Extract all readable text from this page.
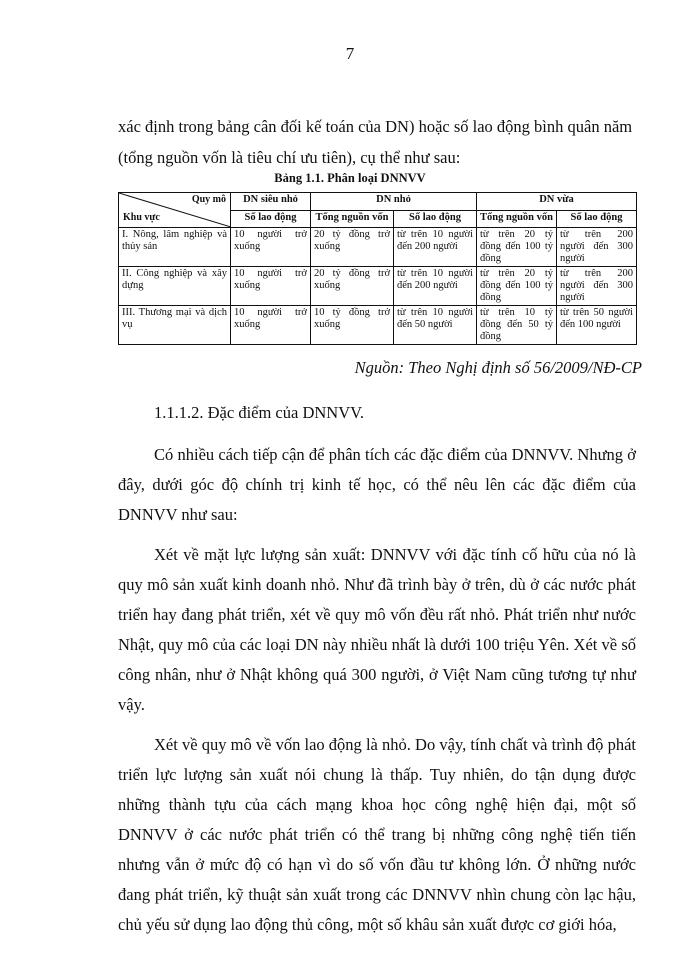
7

xác định trong bảng cân đối kế toán của DN) hoặc số lao động bình quân năm

(tổng nguồn vốn là tiêu chí ưu tiên), cụ thể như sau:

Bảng 1.1. Phân loại DNNVV
Quy mô
Khu vực	DN siêu nhỏ	DN nhỏ		DN vừa	
	Số lao động	Tổng nguồn vốn	Số lao động	Tổng nguồn vốn	Số lao động
I. Nông, lâm nghiệp và thủy sản	10 người trở xuống	20 tỷ đồng trở xuống	từ trên 10 người đến 200 người	từ trên 20 tỷ đồng đến 100 tỷ đồng	từ trên 200 người đến 300 người
II. Công nghiệp và xây dựng	10 người trở xuống	20 tỷ đồng trở xuống	từ trên 10 người đến 200 người	từ trên 20 tỷ đồng đến 100 tỷ đồng	từ trên 200 người đến 300 người
III. Thương mại và dịch vụ	10 người trở xuống	10 tỷ đồng trở xuống	từ trên 10 người đến 50 người	từ trên 10 tỷ đồng đến 50 tỷ đồng	từ trên 50 người đến 100 người
Nguồn: Theo Nghị định số 56/2009/NĐ-CP
1.1.1.2. Đặc điểm của DNNVV.

Có nhiều cách tiếp cận để phân tích các đặc điểm của DNNVV. Nhưng ở đây, dưới góc độ chính trị kinh tế học, có thể nêu lên các đặc điểm của DNNVV như sau:

Xét về mặt lực lượng sản xuất: DNNVV với đặc tính cố hữu của nó là quy mô sản xuất kinh doanh nhỏ. Như đã trình bày ở trên, dù ở các nước phát triển hay đang phát triển, xét về quy mô vốn đều rất nhỏ. Phát triển như nước Nhật, quy mô của các loại DN này nhiều nhất là dưới 100 triệu Yên. Xét về số công nhân, như ở Nhật không quá 300 người, ở Việt Nam cũng tương tự như vậy.

Xét về quy mô về vốn lao động là nhỏ. Do vậy, tính chất và trình độ phát triển lực lượng sản xuất nói chung là thấp. Tuy nhiên, do tận dụng được những thành tựu của cách mạng khoa học công nghệ hiện đại, một số DNNVV ở các nước phát triển có thể trang bị những công nghệ tiến tiến nhưng vẫn ở mức độ có hạn vì do số vốn đầu tư không lớn. Ở những nước đang phát triển, kỹ thuật sản xuất trong các DNNVV nhìn chung còn lạc hậu, chủ yếu sử dụng lao động thủ công, một số khâu sản xuất được cơ giới hóa,
